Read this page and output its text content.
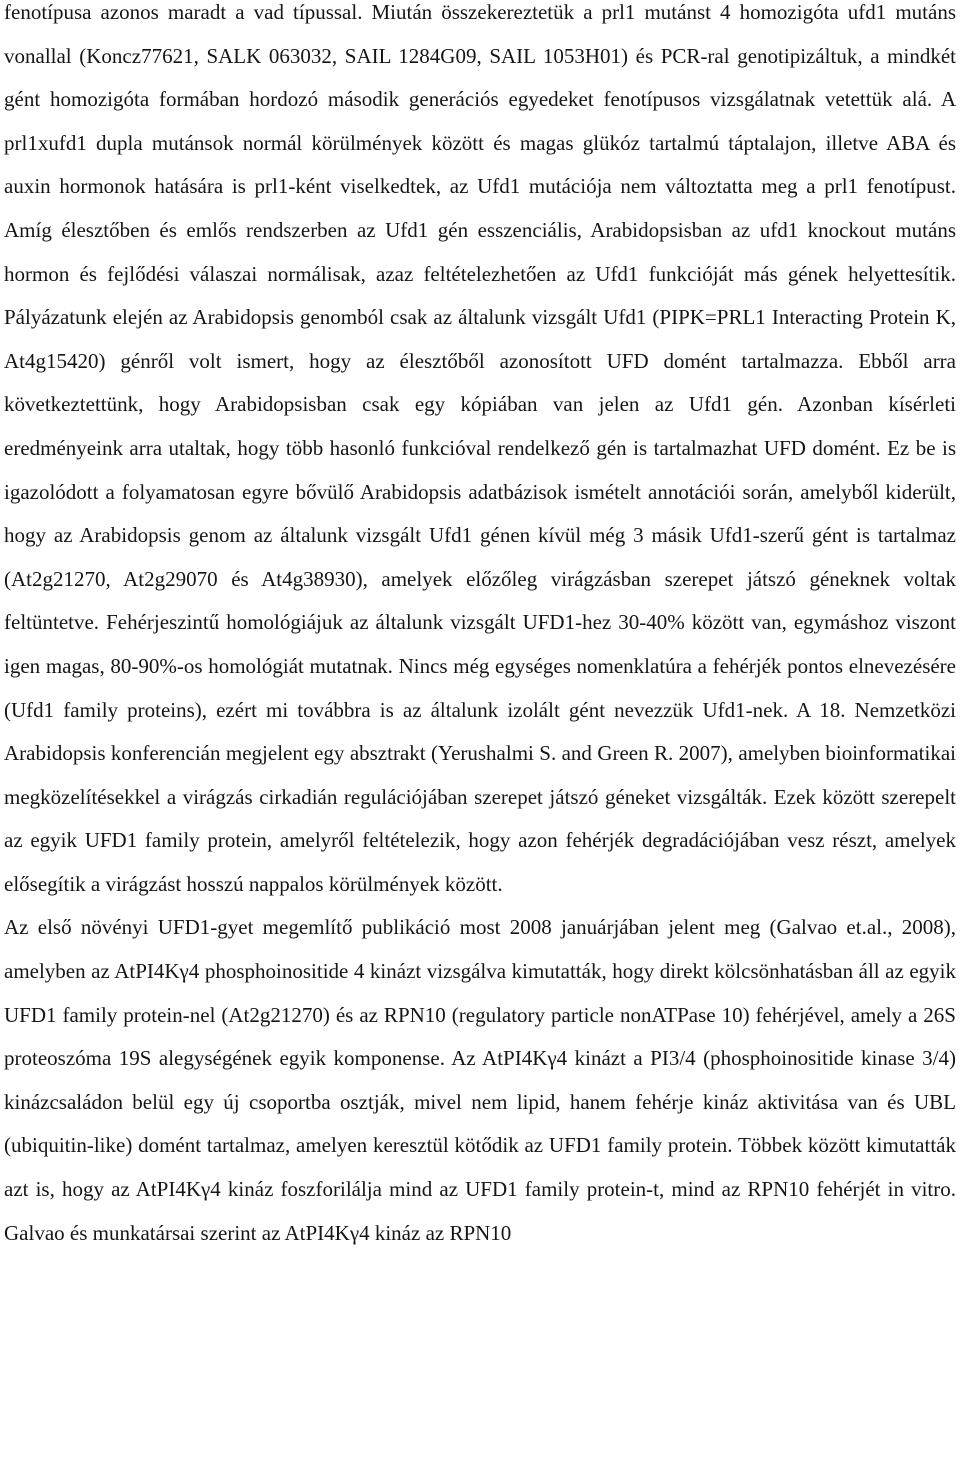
fenotípusa azonos maradt a vad típussal. Miután összekereztetük a prl1 mutánst 4 homozigóta ufd1 mutáns vonallal (Koncz77621, SALK 063032, SAIL 1284G09, SAIL 1053H01) és PCR-ral genotipizáltuk, a mindkét gént homozigóta formában hordozó második generációs egyedeket fenotípusos vizsgálatnak vetettük alá. A prl1xufd1 dupla mutánsok normál körülmények között és magas glükóz tartalmú táptalajon, illetve ABA és auxin hormonok hatására is prl1-ként viselkedtek, az Ufd1 mutációja nem változtatta meg a prl1 fenotípust. Amíg élesztőben és emlős rendszerben az Ufd1 gén esszenciális, Arabidopsisban az ufd1 knockout mutáns hormon és fejlődési válaszai normálisak, azaz feltételezhetően az Ufd1 funkcióját más gének helyettesítik. Pályázatunk elején az Arabidopsis genomból csak az általunk vizsgált Ufd1 (PIPK=PRL1 Interacting Protein K, At4g15420) génről volt ismert, hogy az élesztőből azonosított UFD domént tartalmazza. Ebből arra következtettünk, hogy Arabidopsisban csak egy kópiában van jelen az Ufd1 gén. Azonban kísérleti eredményeink arra utaltak, hogy több hasonló funkcióval rendelkező gén is tartalmazhat UFD domént. Ez be is igazolódott a folyamatosan egyre bővülő Arabidopsis adatbázisok ismételt annotációi során, amelyből kiderült, hogy az Arabidopsis genom az általunk vizsgált Ufd1 génen kívül még 3 másik Ufd1-szerű gént is tartalmaz (At2g21270, At2g29070 és At4g38930), amelyek előzőleg virágzásban szerepet játszó géneknek voltak feltüntetve. Fehérjeszintű homológiájuk az általunk vizsgált UFD1-hez 30-40% között van, egymáshoz viszont igen magas, 80-90%-os homológiát mutatnak. Nincs még egységes nomenklatúra a fehérjék pontos elnevezésére (Ufd1 family proteins), ezért mi továbbra is az általunk izolált gént nevezzük Ufd1-nek. A 18. Nemzetközi Arabidopsis konferencián megjelent egy absztrakt (Yerushalmi S. and Green R. 2007), amelyben bioinformatikai megközelítésekkel a virágzás cirkadián regulációjában szerepet játszó géneket vizsgálták. Ezek között szerepelt az egyik UFD1 family protein, amelyről feltételezik, hogy azon fehérjék degradációjában vesz részt, amelyek elősegítik a virágzást hosszú nappalos körülmények között.

Az első növényi UFD1-gyet megemlítő publikáció most 2008 januárjában jelent meg (Galvao et.al., 2008), amelyben az AtPI4Kγ4 phosphoinositide 4 kinázt vizsgálva kimutatták, hogy direkt kölcsönhatásban áll az egyik UFD1 family protein-nel (At2g21270) és az RPN10 (regulatory particle nonATPase 10) fehérjével, amely a 26S proteoszóma 19S alegységének egyik komponense. Az AtPI4Kγ4 kinázt a PI3/4 (phosphoinositide kinase 3/4) kinázcsaládon belül egy új csoportba osztják, mivel nem lipid, hanem fehérje kináz aktivitása van és UBL (ubiquitin-like) domént tartalmaz, amelyen keresztül kötődik az UFD1 family protein. Többek között kimutatták azt is, hogy az AtPI4Kγ4 kináz foszforilálja mind az UFD1 family protein-t, mind az RPN10 fehérjét in vitro. Galvao és munkatársai szerint az AtPI4Kγ4 kináz az RPN10
